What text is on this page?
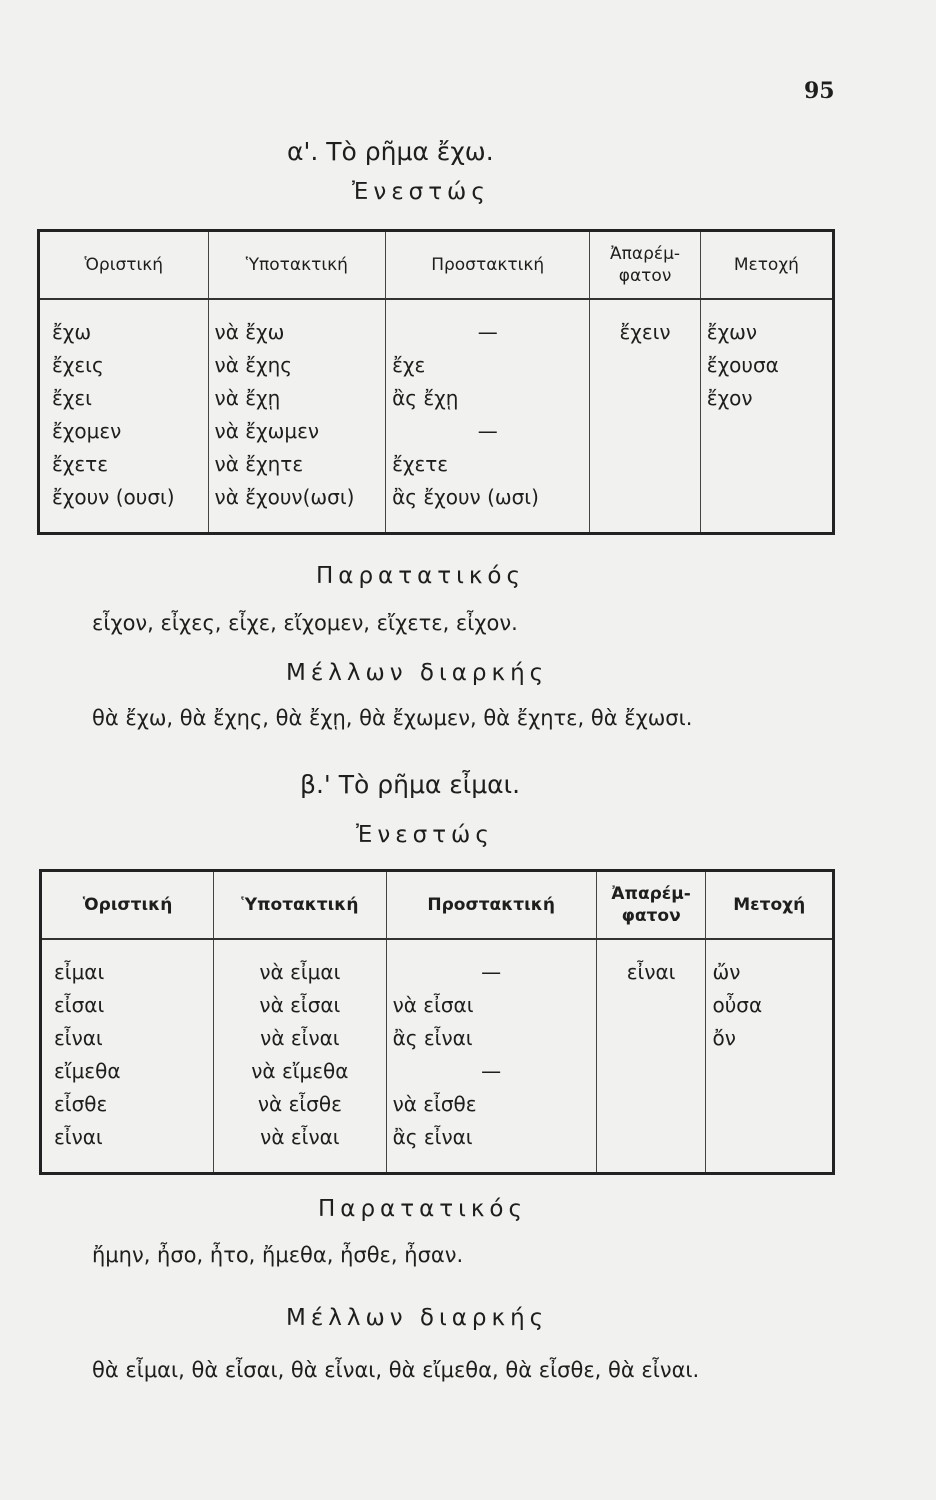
95
α'. Τὸ ρῆμα ἔχω.
Ἐνεστώς
Ὁριστική	Ὑποτακτική	Προστακτική	Ἀπαρέμ-φατον	Μετοχή

ἔχω	νὰ ἔχω	—	ἔχειν	ἔχων
ἔχεις	νὰ ἔχης	ἔχε		ἔχουσα
ἔχει	νὰ ἔχῃ	ἂς ἔχῃ		ἔχον
ἔχομεν	νὰ ἔχωμεν	—		
ἔχετε	νὰ ἔχητε	ἔχετε		
ἔχουν (ουσι)	νὰ ἔχουν(ωσι)	ἂς ἔχουν (ωσι)		

Παρατατικός
εἶχον, εἶχες, εἶχε, εἴχομεν, εἴχετε, εἶχον.
Μέλλων διαρκής
θὰ ἔχω, θὰ ἔχης, θὰ ἔχῃ, θὰ ἔχωμεν, θὰ ἔχητε, θὰ ἔχωσι.
β.' Τὸ ρῆμα εἶμαι.
Ἐνεστώς
Ὁριστική	Ὑποτακτική	Προστακτική	Ἀπαρέμ-φατον	Μετοχή

εἶμαι	νὰ εἶμαι	—	εἶναι	ὤν
εἶσαι	νὰ εἶσαι	νὰ εἶσαι		οὖσα
εἶναι	νὰ εἶναι	ἂς εἶναι		ὄν
εἴμεθα	νὰ εἴμεθα	—		
εἶσθε	νὰ εἶσθε	νὰ εἶσθε		
εἶναι	νὰ εἶναι	ἂς εἶναι		

Παρατατικός
ἤμην, ἦσο, ἦτο, ἤμεθα, ἦσθε, ἦσαν.
Μέλλων διαρκής
θὰ εἶμαι, θὰ εἶσαι, θὰ εἶναι, θὰ εἴμεθα, θὰ εἶσθε, θὰ εἶναι.
